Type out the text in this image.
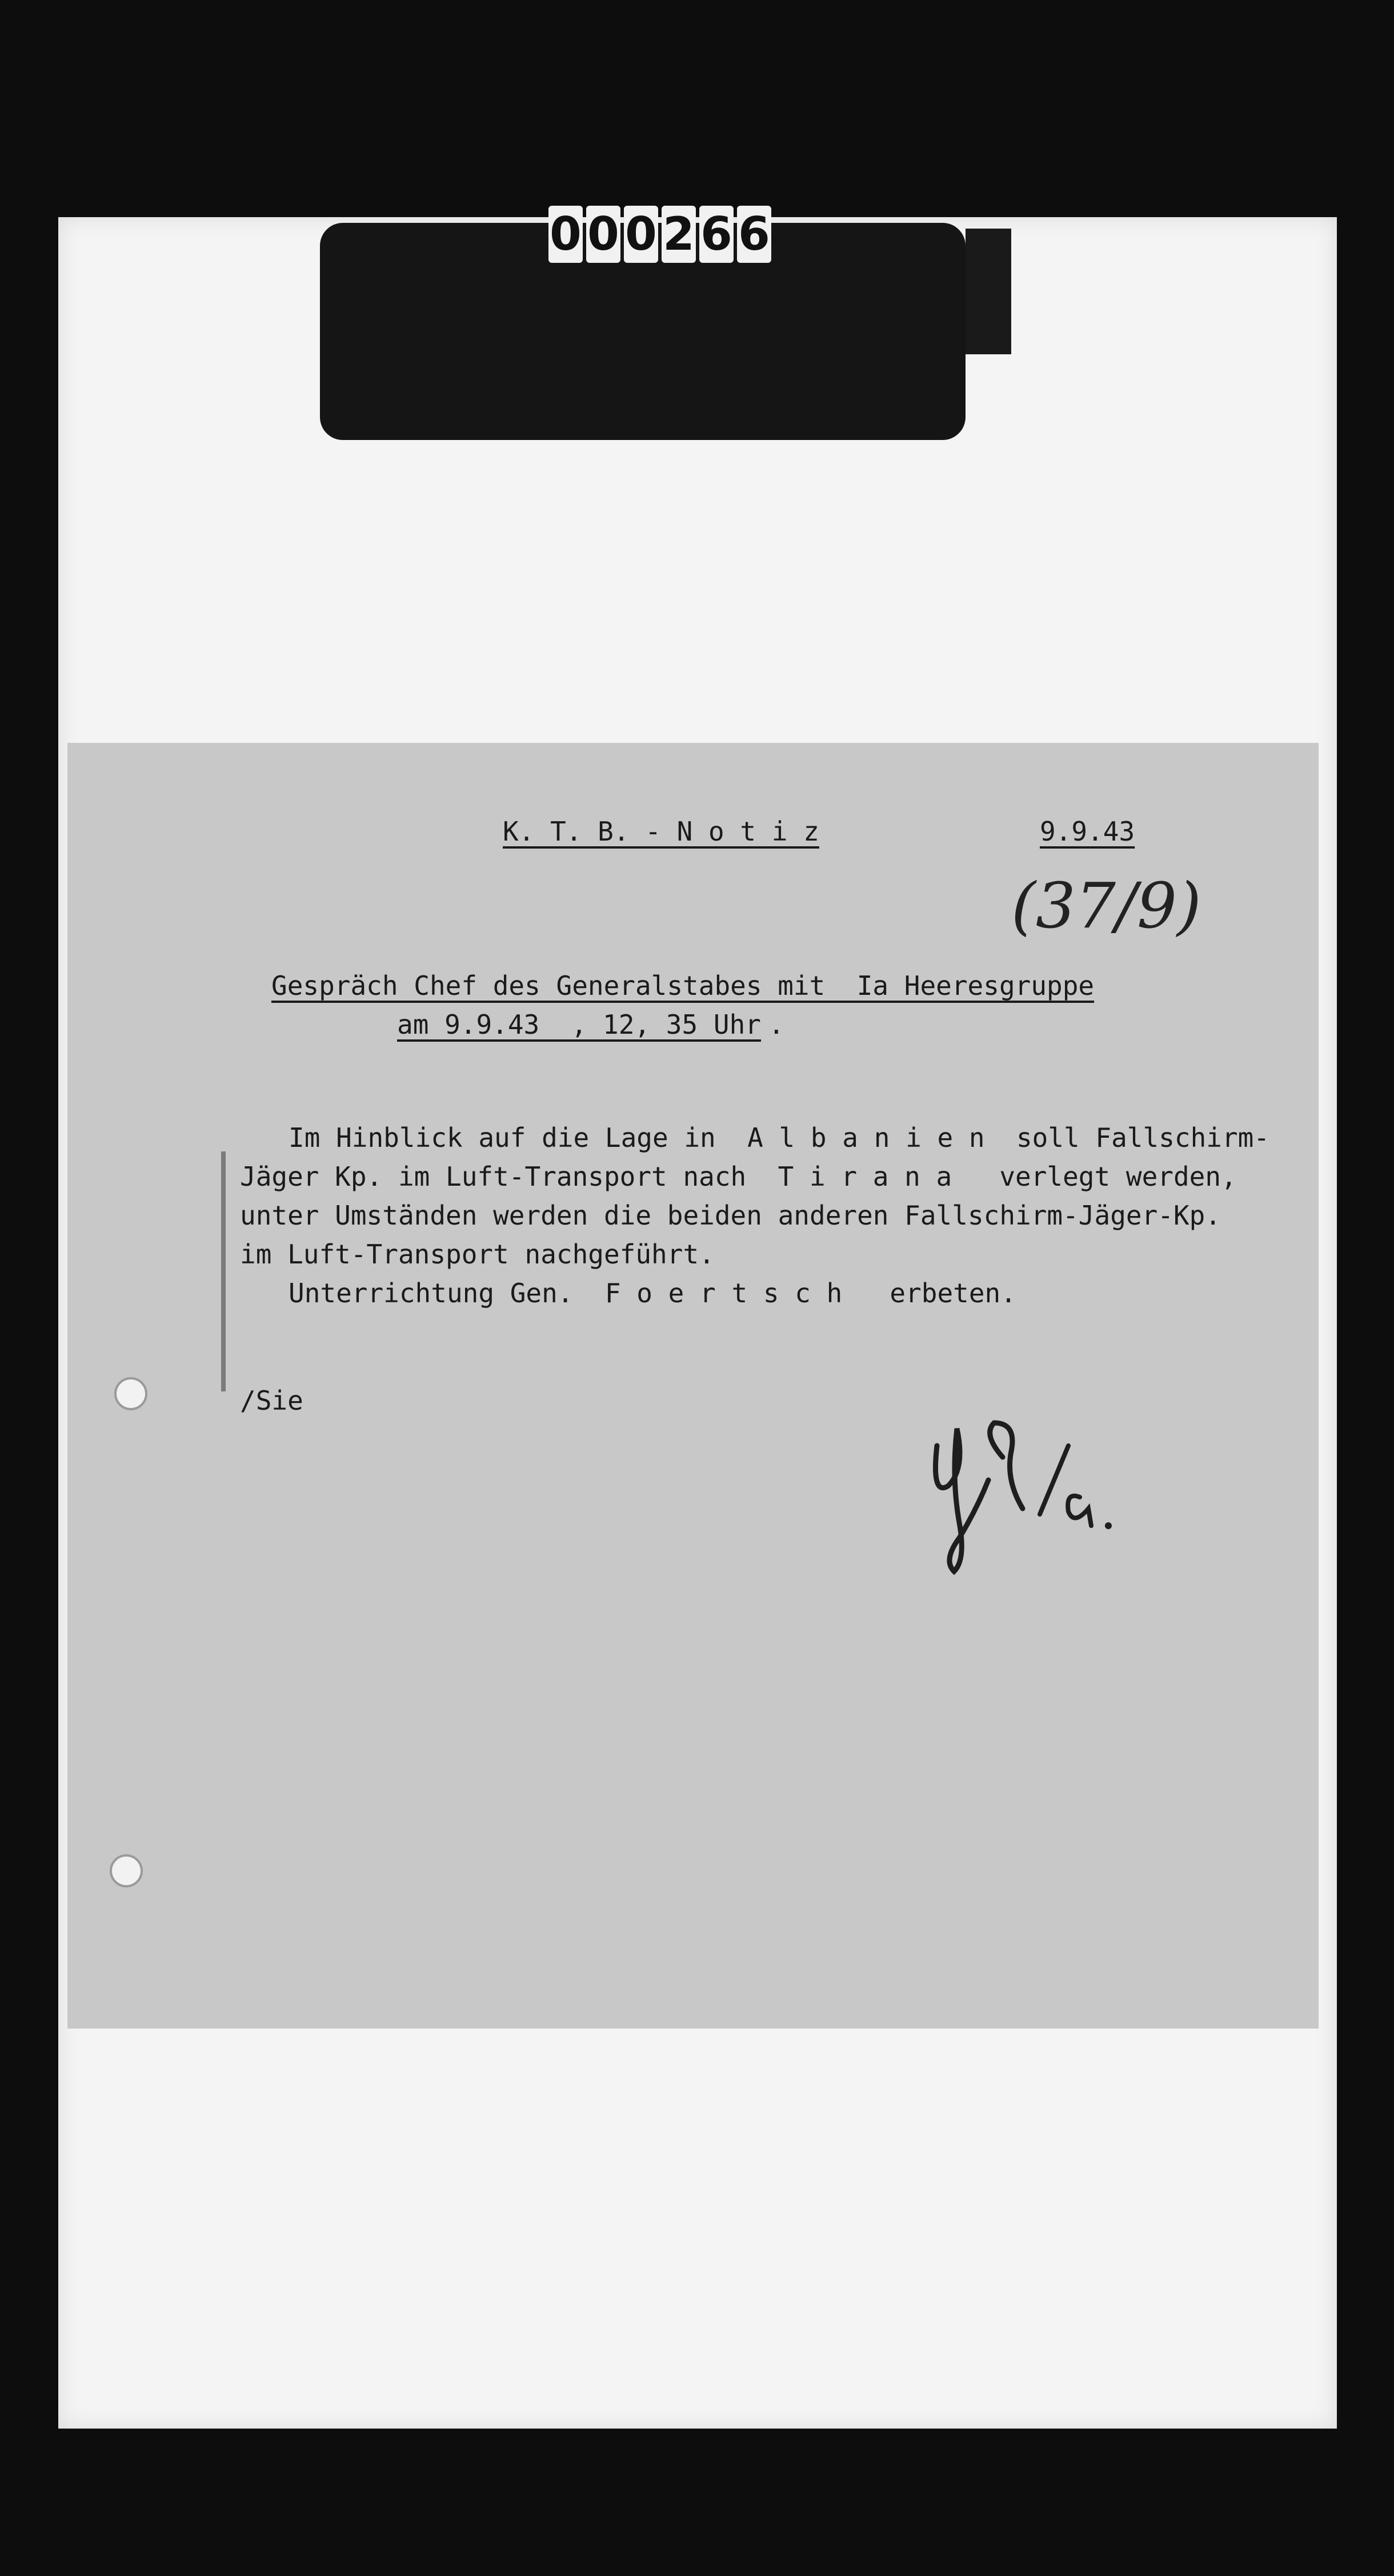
0 0 0 2 6 6
K. T. B. - N o t i z	9.9.43
(37/9)
Gespräch Chef des Generalstabes mit  Ia Heeresgruppe
am 9.9.43  , 12, 35 Uhr .
Im Hinblick auf die Lage in  A l b a n i e n  soll Fallschirm-
Jäger Kp. im Luft-Transport nach  T i r a n a   verlegt werden,
unter Umständen werden die beiden anderen Fallschirm-Jäger-Kp.
im Luft-Transport nachgeführt.
Unterrichtung Gen.  F o e r t s c h   erbeten.
/Sie
